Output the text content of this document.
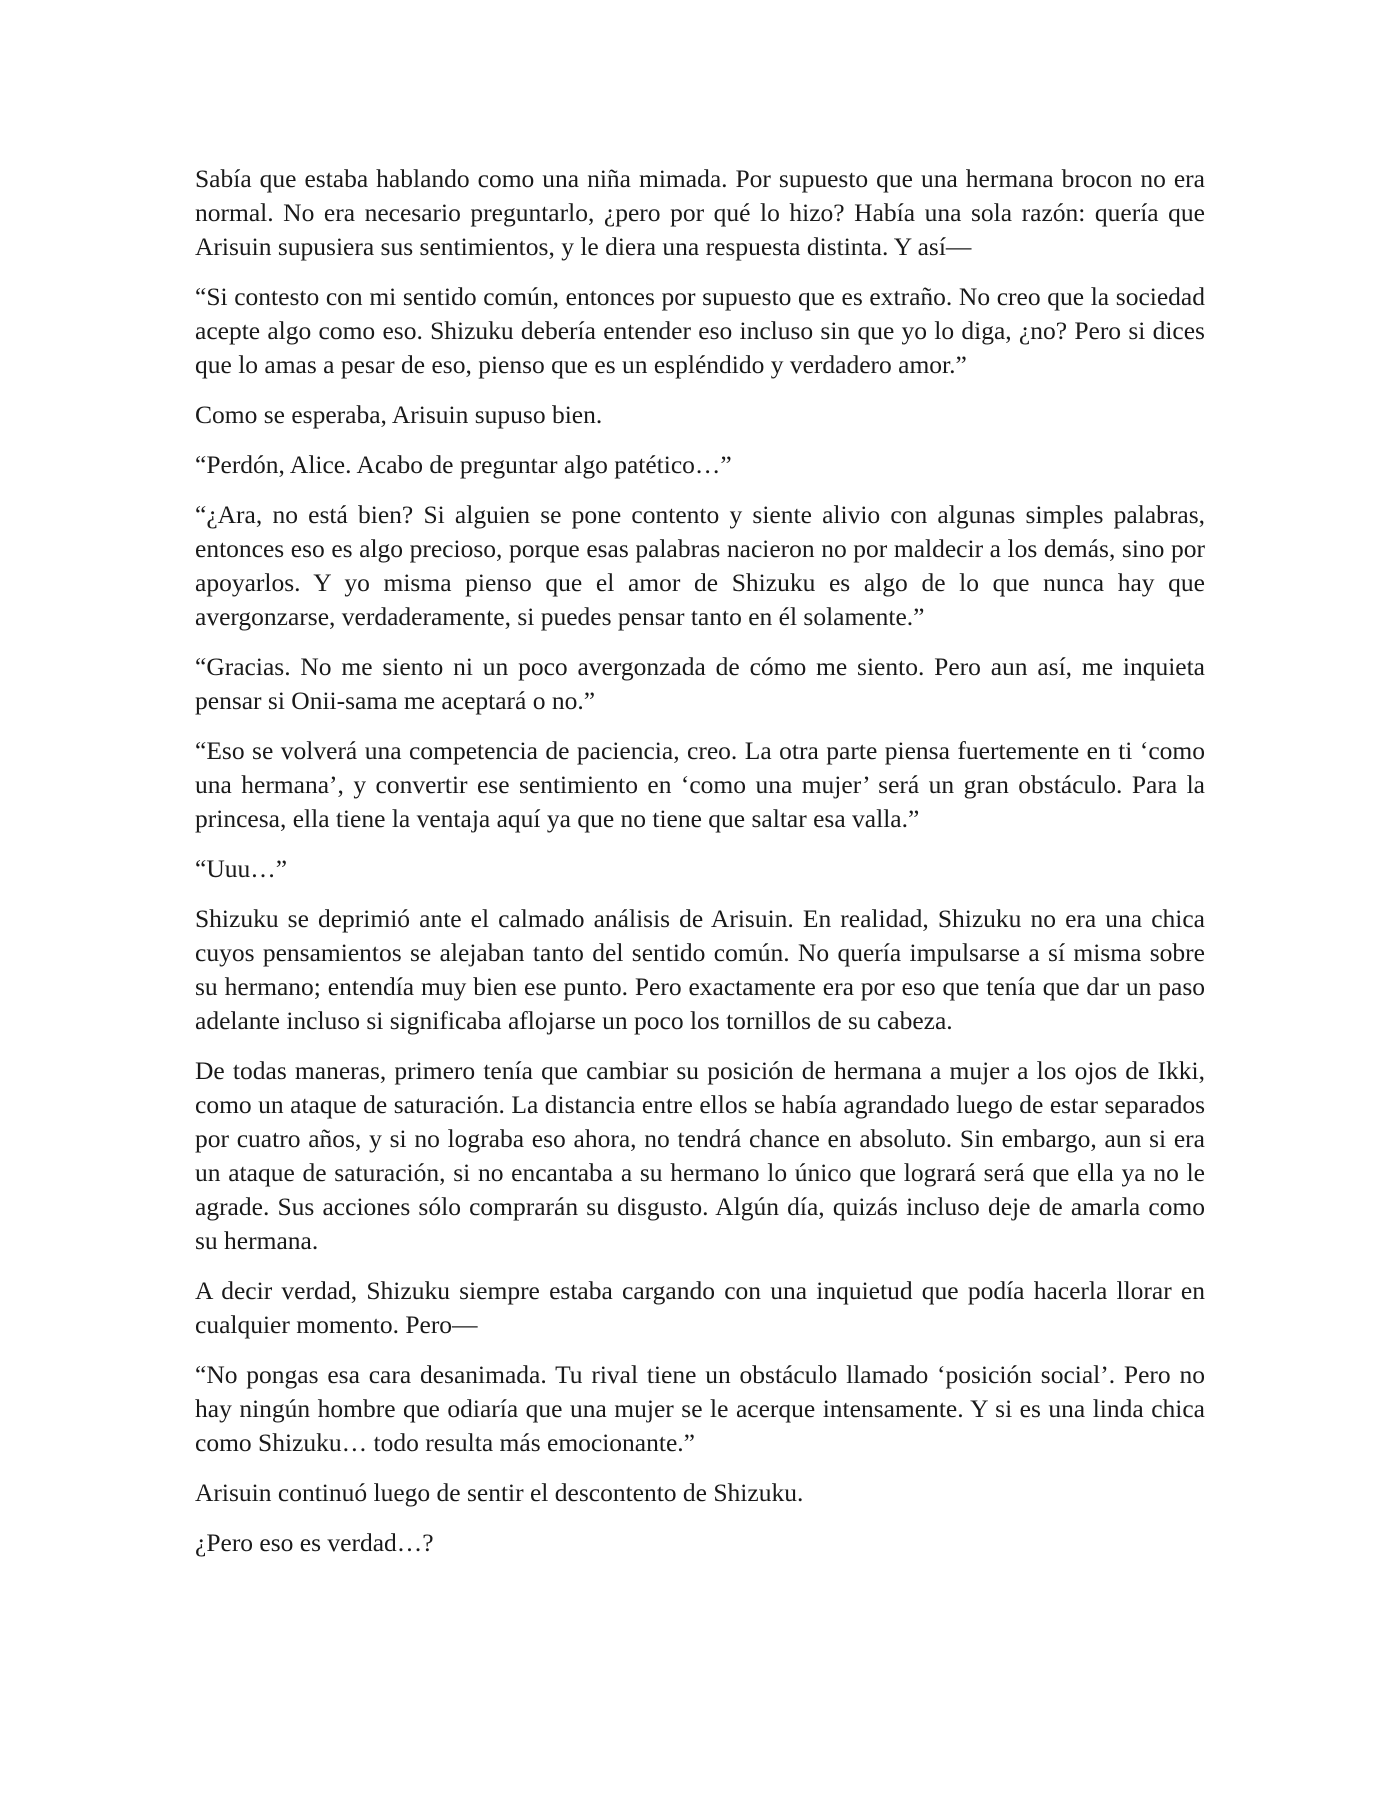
Sabía que estaba hablando como una niña mimada. Por supuesto que una hermana brocon no era normal. No era necesario preguntarlo, ¿pero por qué lo hizo? Había una sola razón: quería que Arisuin supusiera sus sentimientos, y le diera una respuesta distinta. Y así—

“Si contesto con mi sentido común, entonces por supuesto que es extraño. No creo que la sociedad acepte algo como eso. Shizuku debería entender eso incluso sin que yo lo diga, ¿no? Pero si dices que lo amas a pesar de eso, pienso que es un espléndido y verdadero amor.”

Como se esperaba, Arisuin supuso bien.

“Perdón, Alice. Acabo de preguntar algo patético…”

“¿Ara, no está bien? Si alguien se pone contento y siente alivio con algunas simples palabras, entonces eso es algo precioso, porque esas palabras nacieron no por maldecir a los demás, sino por apoyarlos. Y yo misma pienso que el amor de Shizuku es algo de lo que nunca hay que avergonzarse, verdaderamente, si puedes pensar tanto en él solamente.”

“Gracias. No me siento ni un poco avergonzada de cómo me siento. Pero aun así, me inquieta pensar si Onii-sama me aceptará o no.”

“Eso se volverá una competencia de paciencia, creo. La otra parte piensa fuertemente en ti ‘como una hermana’, y convertir ese sentimiento en ‘como una mujer’ será un gran obstáculo. Para la princesa, ella tiene la ventaja aquí ya que no tiene que saltar esa valla.”

“Uuu…”

Shizuku se deprimió ante el calmado análisis de Arisuin. En realidad, Shizuku no era una chica cuyos pensamientos se alejaban tanto del sentido común. No quería impulsarse a sí misma sobre su hermano; entendía muy bien ese punto. Pero exactamente era por eso que tenía que dar un paso adelante incluso si significaba aflojarse un poco los tornillos de su cabeza.

De todas maneras, primero tenía que cambiar su posición de hermana a mujer a los ojos de Ikki, como un ataque de saturación. La distancia entre ellos se había agrandado luego de estar separados por cuatro años, y si no lograba eso ahora, no tendrá chance en absoluto. Sin embargo, aun si era un ataque de saturación, si no encantaba a su hermano lo único que logrará será que ella ya no le agrade. Sus acciones sólo comprarán su disgusto. Algún día, quizás incluso deje de amarla como su hermana.

A decir verdad, Shizuku siempre estaba cargando con una inquietud que podía hacerla llorar en cualquier momento. Pero—

“No pongas esa cara desanimada. Tu rival tiene un obstáculo llamado ‘posición social’. Pero no hay ningún hombre que odiaría que una mujer se le acerque intensamente. Y si es una linda chica como Shizuku… todo resulta más emocionante.”

Arisuin continuó luego de sentir el descontento de Shizuku.

¿Pero eso es verdad…?
